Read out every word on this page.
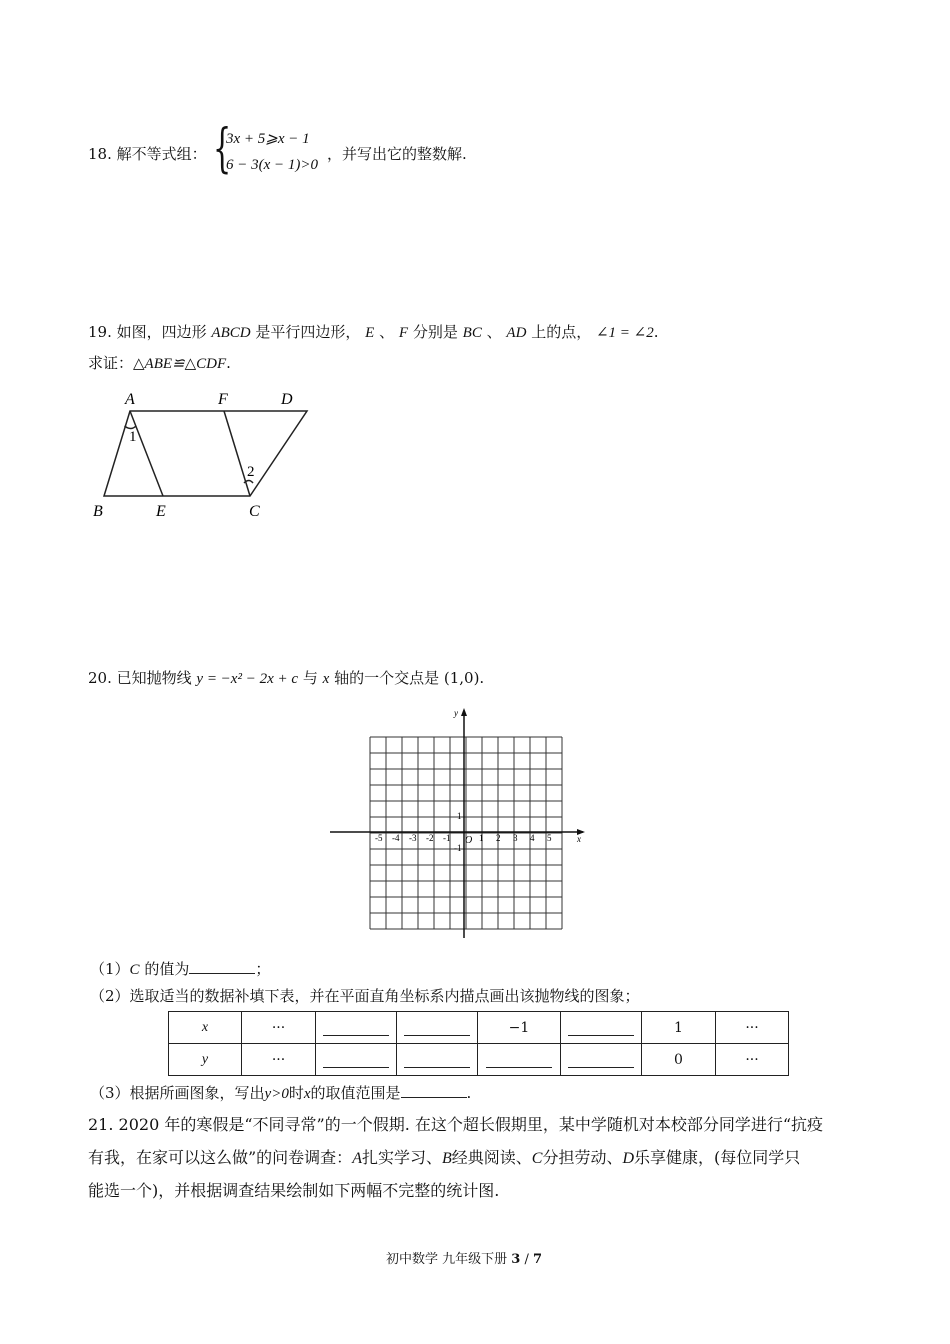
18. 解不等式组： {
3x + 5⩾x − 1
6 − 3(x − 1)>0
，并写出它的整数解.
19. 如图，四边形 ABCD 是平行四边形， E 、 F 分别是 BC 、 AD 上的点， ∠1 = ∠2.
求证：△ABE≌△CDF.
A	F	D
B	E	C
1
2
20. 已知抛物线 y = −x² − 2x + c 与 x 轴的一个交点是 (1,0).
x
y
O
1
-1
-5 -4 -3 -2 -1	1 2 3 4 5
（1）C 的值为	；
（2）选取适当的数据补填下表，并在平面直角坐标系内描点画出该抛物线的图象；
x	···			−1		1	···
y	···					0	···
（3）根据所画图象，写出y>0时x的取值范围是	.
21. 2020 年的寒假是“不同寻常”的一个假期. 在这个超长假期里，某中学随机对本校部分同学进行“抗疫
有我，在家可以这么做”的问卷调查：A扎实学习、B经典阅读、C分担劳动、D乐享健康，(每位同学只
能选一个)，并根据调查结果绘制如下两幅不完整的统计图.
初中数学 九年级下册 3 / 7
